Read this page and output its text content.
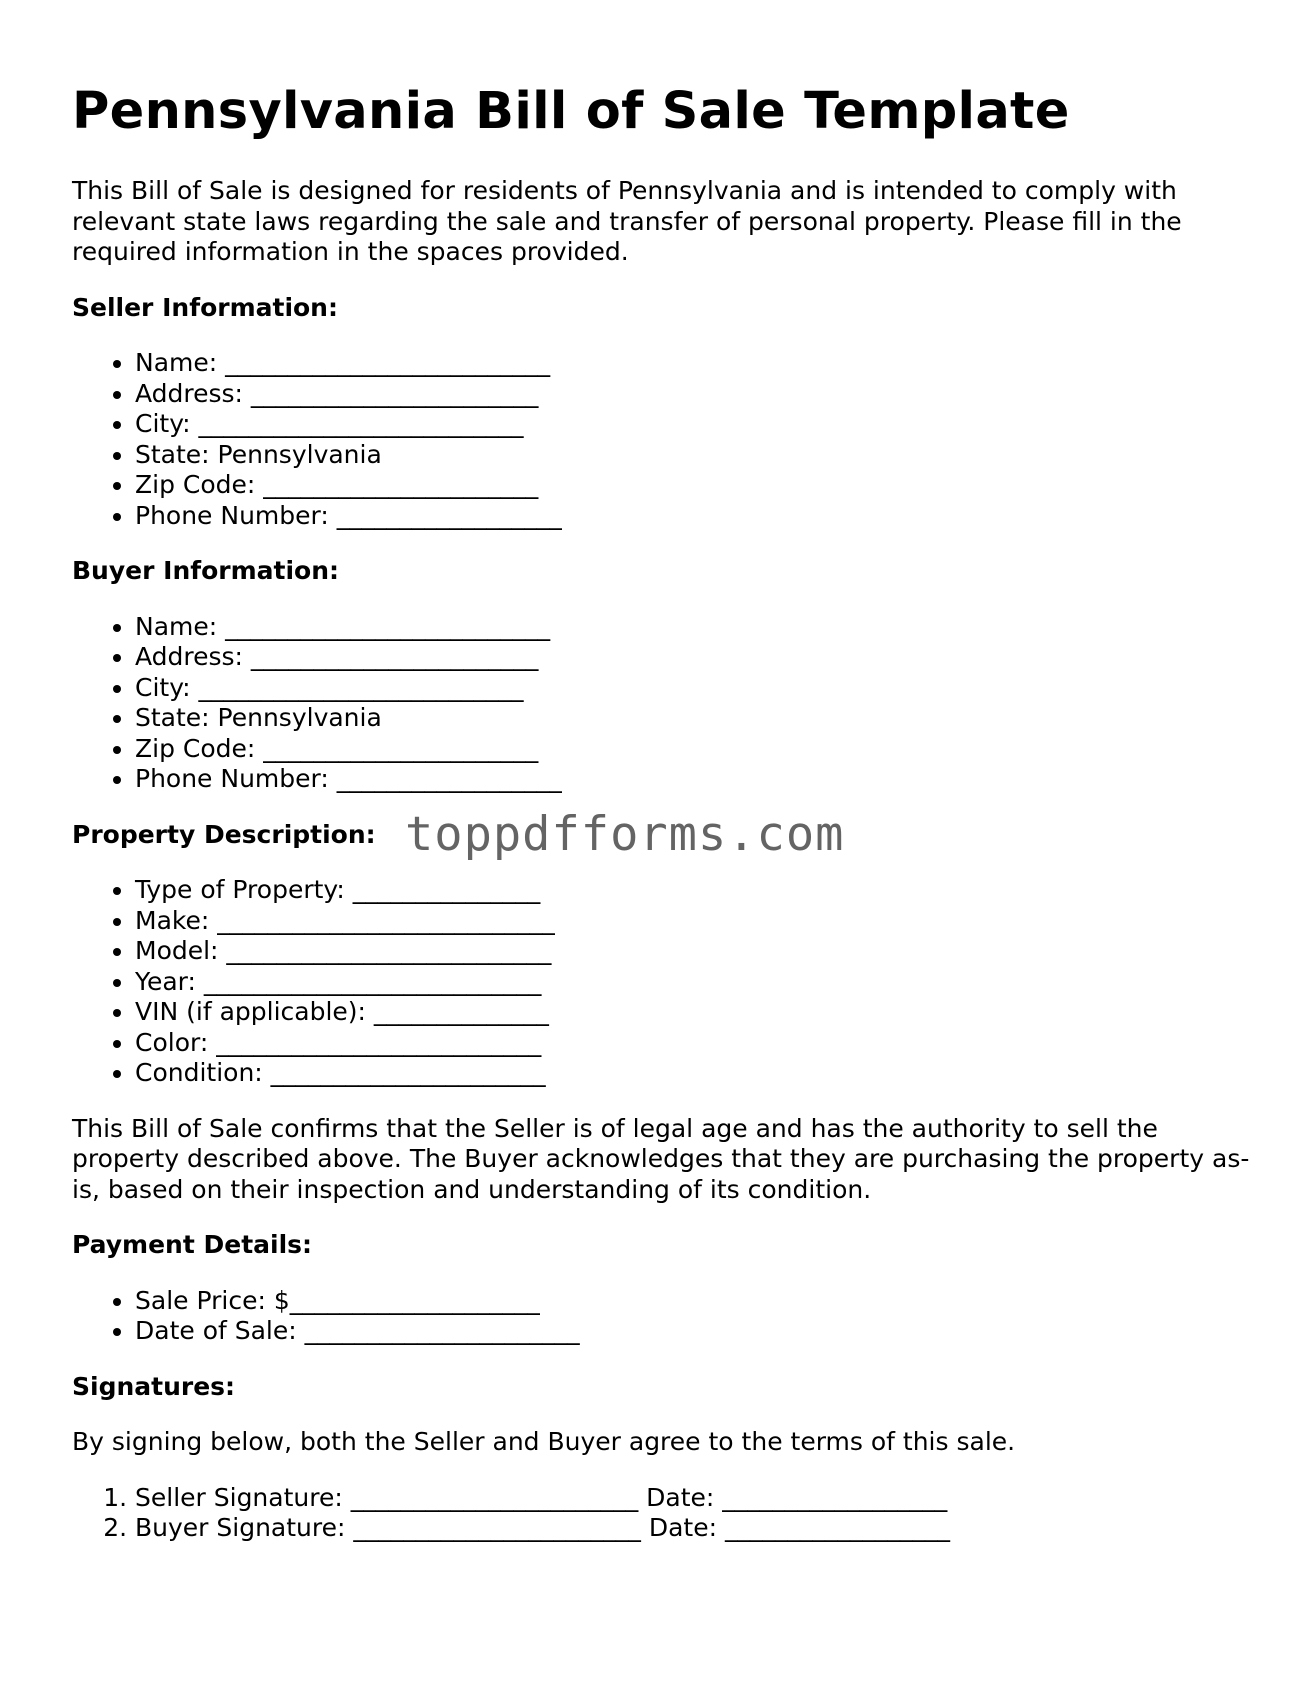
Pennsylvania Bill of Sale Template

This Bill of Sale is designed for residents of Pennsylvania and is intended to comply with relevant state laws regarding the sale and transfer of personal property. Please fill in the required information in the spaces provided.

Seller Information:
• Name: __________________________
• Address: _______________________
• City: __________________________
• State: Pennsylvania
• Zip Code: ______________________
• Phone Number: __________________
Buyer Information:
• Name: __________________________
• Address: _______________________
• City: __________________________
• State: Pennsylvania
• Zip Code: ______________________
• Phone Number: __________________
Property Description: toppdfforms.com
• Type of Property: _______________
• Make: ___________________________
• Model: __________________________
• Year: ___________________________
• VIN (if applicable): ______________
• Color: __________________________
• Condition: ______________________

This Bill of Sale confirms that the Seller is of legal age and has the authority to sell the property described above. The Buyer acknowledges that they are purchasing the property as-is, based on their inspection and understanding of its condition.

Payment Details:
• Sale Price: $____________________
• Date of Sale: ______________________
Signatures:

By signing below, both the Seller and Buyer agree to the terms of this sale.

1. Seller Signature: _______________________ Date: __________________
2. Buyer Signature: _______________________ Date: __________________
